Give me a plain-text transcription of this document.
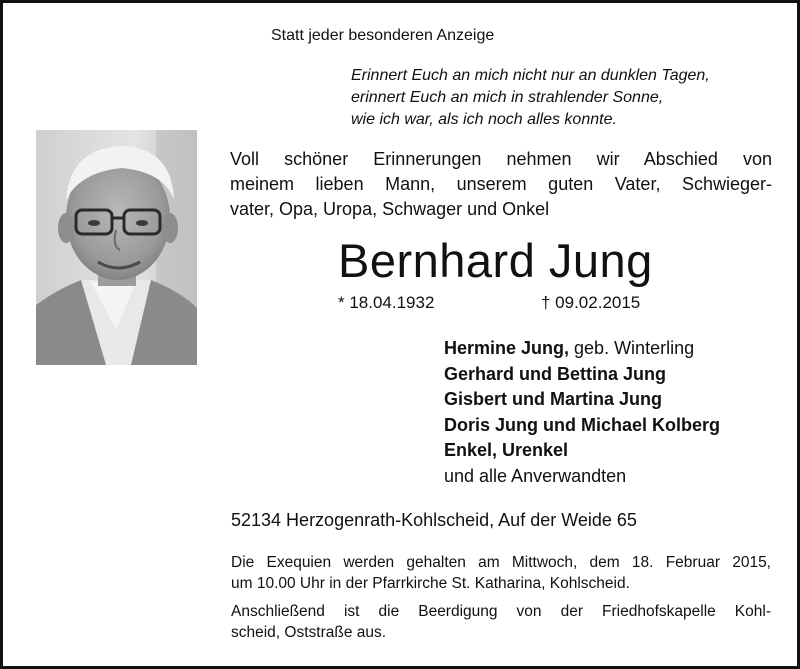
Statt jeder besonderen Anzeige
Erinnert Euch an mich nicht nur an dunklen Tagen,
erinnert Euch an mich in strahlender Sonne,
wie ich war, als ich noch alles konnte.
Voll schöner Erinnerungen nehmen wir Abschied von
meinem lieben Mann, unserem guten Vater, Schwieger-
vater, Opa, Uropa, Schwager und Onkel
Bernhard Jung
* 18.04.1932	† 09.02.2015
Hermine Jung, geb. Winterling
Gerhard und Bettina Jung
Gisbert und Martina Jung
Doris Jung und Michael Kolberg
Enkel, Urenkel
und alle Anverwandten
52134 Herzogenrath-Kohlscheid, Auf der Weide 65
Die Exequien werden gehalten am Mittwoch, dem 18. Februar 2015,
um 10.00 Uhr in der Pfarrkirche St. Katharina, Kohlscheid.
Anschließend ist die Beerdigung von der Friedhofskapelle Kohl-
scheid, Oststraße aus.
